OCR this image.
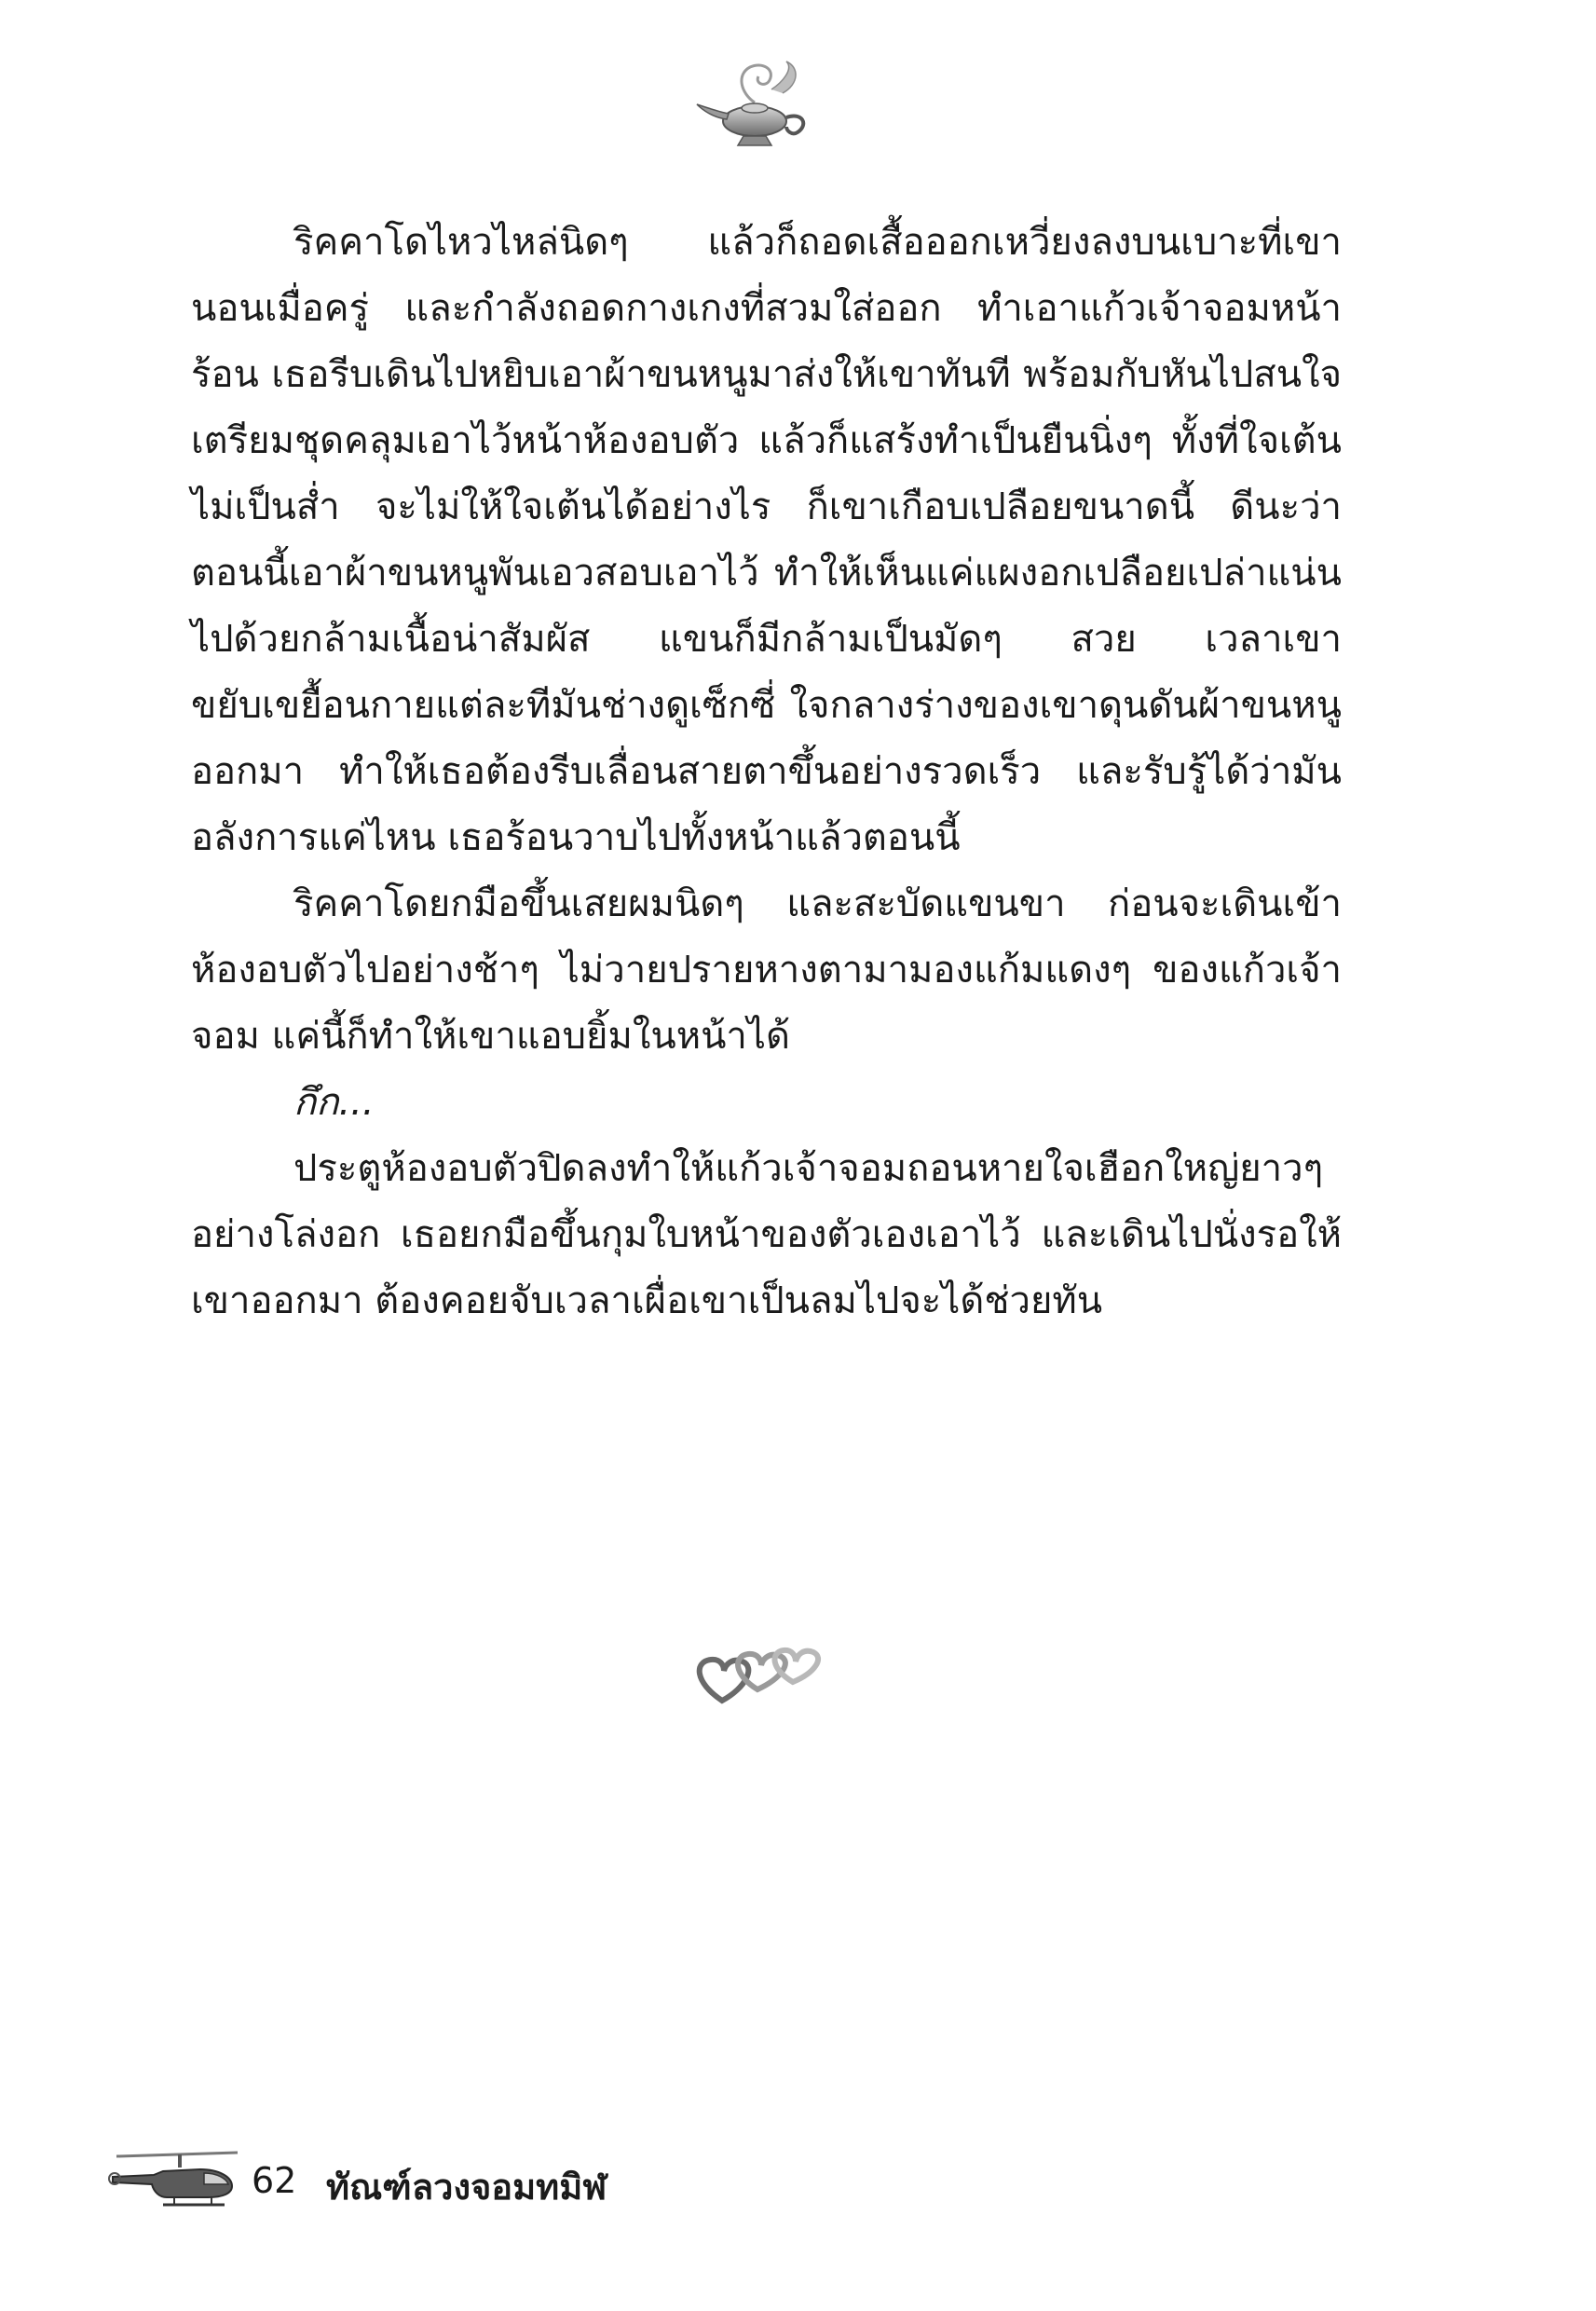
ริคคาโดไหวไหล่นิดๆ แล้วก็ถอดเสื้อออกเหวี่ยงลงบนเบาะที่เขานอนเมื่อครู่ และกำลังถอดกางเกงที่สวมใส่ออก ทำเอาแก้วเจ้าจอมหน้าร้อน เธอรีบเดินไปหยิบเอาผ้าขนหนูมาส่งให้เขาทันที พร้อมกับหันไปสนใจเตรียมชุดคลุมเอาไว้หน้าห้องอบตัว แล้วก็แสร้งทำเป็นยืนนิ่งๆ ทั้งที่ใจเต้นไม่เป็นส่ำ จะไม่ให้ใจเต้นได้อย่างไร ก็เขาเกือบเปลือยขนาดนี้ ดีนะว่าตอนนี้เอาผ้าขนหนูพันเอวสอบเอาไว้ ทำให้เห็นแค่แผงอกเปลือยเปล่าแน่นไปด้วยกล้ามเนื้อน่าสัมผัส แขนก็มีกล้ามเป็นมัดๆ สวย เวลาเขาขยับเขยื้อนกายแต่ละทีมันช่างดูเซ็กซี่ ใจกลางร่างของเขาดุนดันผ้าขนหนูออกมา ทำให้เธอต้องรีบเลื่อนสายตาขึ้นอย่างรวดเร็ว และรับรู้ได้ว่ามันอลังการแค่ไหน เธอร้อนวาบไปทั้งหน้าแล้วตอนนี้

ริคคาโดยกมือขึ้นเสยผมนิดๆ และสะบัดแขนขา ก่อนจะเดินเข้าห้องอบตัวไปอย่างช้าๆ ไม่วายปรายหางตามามองแก้มแดงๆ ของแก้วเจ้าจอม แค่นี้ก็ทำให้เขาแอบยิ้มในหน้าได้

กึก...

ประตูห้องอบตัวปิดลงทำให้แก้วเจ้าจอมถอนหายใจเฮือกใหญ่ยาวๆ อย่างโล่งอก เธอยกมือขึ้นกุมใบหน้าของตัวเองเอาไว้ และเดินไปนั่งรอให้เขาออกมา ต้องคอยจับเวลาเผื่อเขาเป็นลมไปจะได้ช่วยทัน

62 ทัณฑ์ลวงจอมทมิฬ
